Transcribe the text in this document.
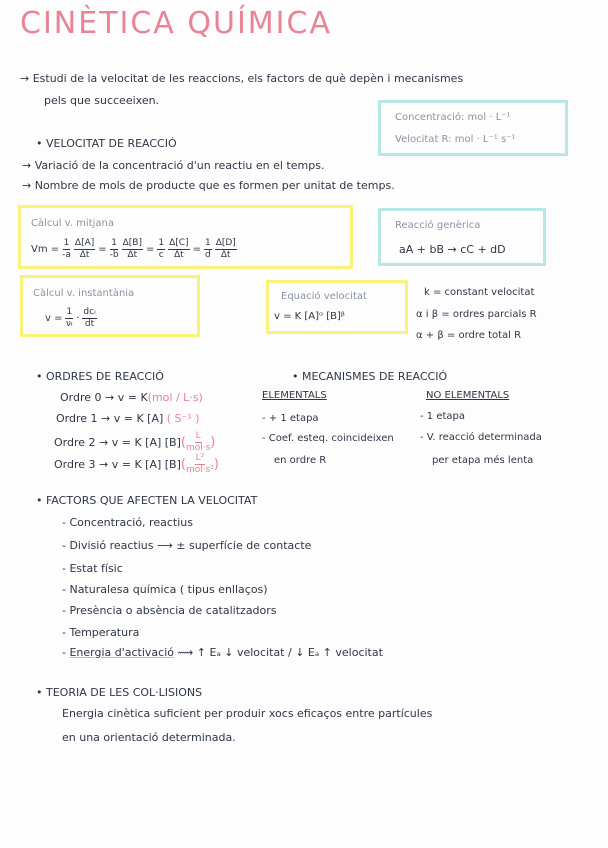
CINÈTICA QUÍMICA
→ Estudi de la velocitat de les reaccions, els factors de què depèn i mecanismes
pels que succeeixen.
Concentració: mol · L⁻¹
Velocitat R: mol · L⁻¹ s⁻¹
• VELOCITAT DE REACCIÓ
→ Variació de la concentració d'un reactiu en el temps.
→ Nombre de mols de producte que es formen per unitat de temps.
Càlcul v. mitjana
$Vm = \frac{1}{-a} \frac{\Delta[A]}{\Delta t} = \frac{1}{-b} \frac{\Delta[B]}{\Delta t} = \frac{1}{c} \frac{\Delta[C]}{\Delta t} = \frac{1}{d} \frac{\Delta[D]}{\Delta t}$
Reacció genèrica
aA + bB → cC + dD
Càlcul v. instantània
$v = \frac{1}{\text{νᵢ}} \cdot \frac{\text{dcᵢ}}{dt}$
Equació velocitat
v = K [A]ᵅ [B]ᵝ
k = constant velocitat
α i β = ordres parcials R
α + β = ordre total R
• ORDRES DE REACCIÓ
Ordre 0 → v = K(mol / L·s)
Ordre 1 → v = K [A] ( S⁻¹ )
Ordre 2 → v = K [A] [B] ( $\frac{L}{\text{mol·s}}$ )
Ordre 3 → v = K [A] [B] ( $\frac{\text{L²}}{\text{mol·s²}}$ )
• MECANISMES DE REACCIÓ
ELEMENTALS	NO ELEMENTALS
- + 1 etapa
- Coef. esteq. coincideixen
en ordre R
- 1 etapa
- V. reacció determinada
per etapa més lenta
• FACTORS QUE AFECTEN LA VELOCITAT
- Concentració, reactius
- Divisió reactius ⟶ ± superfície de contacte
- Estat físic
- Naturalesa química ( tipus enllaços)
- Presència o absència de catalitzadors
- Temperatura
- Energia d'activació ⟿ ↑ Eₐ ↓ velocitat / ↓ Eₐ ↑ velocitat
• TEORIA DE LES COL·LISIONS
Energia cinètica suficient per produir xocs eficaços entre partícules
en una orientació determinada.
